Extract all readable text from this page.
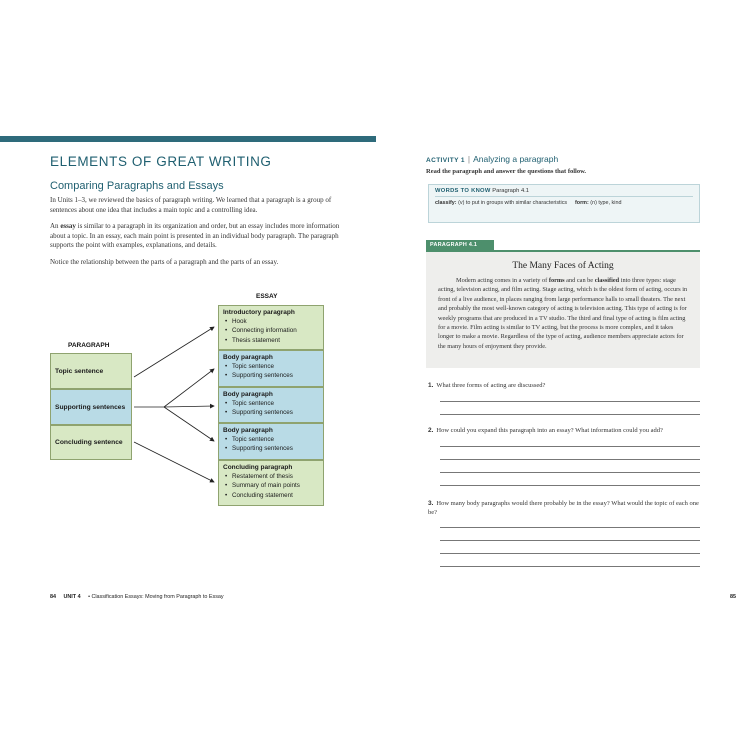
ELEMENTS OF GREAT WRITING
Comparing Paragraphs and Essays

In Units 1–3, we reviewed the basics of paragraph writing. We learned that a paragraph is a group of sentences about one idea that includes a main topic and a controlling idea.

An essay is similar to a paragraph in its organization and order, but an essay includes more information about a topic. In an essay, each main point is presented in an individual body paragraph. The paragraph supports the point with examples, explanations, and details.

Notice the relationship between the parts of a paragraph and the parts of an essay.

PARAGRAPH
ESSAY
Topic sentence
Supporting sentences
Concluding sentence
Introductory paragraph
• Hook
• Connecting information
• Thesis statement
Body paragraph
• Topic sentence
• Supporting sentences
Body paragraph
• Topic sentence
• Supporting sentences
Body paragraph
• Topic sentence
• Supporting sentences
Concluding paragraph
• Restatement of thesis
• Summary of main points
• Concluding statement
84 UNIT 4 • Classification Essays: Moving from Paragraph to Essay
ACTIVITY 1 | Analyzing a paragraph
Read the paragraph and answer the questions that follow.
WORDS TO KNOW Paragraph 4.1
classify: (v) to put in groups with similar characteristics	form: (n) type, kind
PARAGRAPH 4.1
The Many Faces of Acting

Modern acting comes in a variety of forms and can be classified into three types: stage acting, television acting, and film acting. Stage acting, which is the oldest form of acting, occurs in front of a live audience, in places ranging from large performance halls to small theaters. The next and probably the most well-known category of acting is television acting. This type of acting is for weekly programs that are produced in a TV studio. The third and final type of acting is film acting for a movie. Film acting is similar to TV acting, but the process is more complex, and it takes longer to make a movie. Regardless of the type of acting, audience members appreciate actors for the many hours of enjoyment they provide.

1. What three forms of acting are discussed?
2. How could you expand this paragraph into an essay? What information could you add?
3. How many body paragraphs would there probably be in the essay? What would the topic of each one be?
85
